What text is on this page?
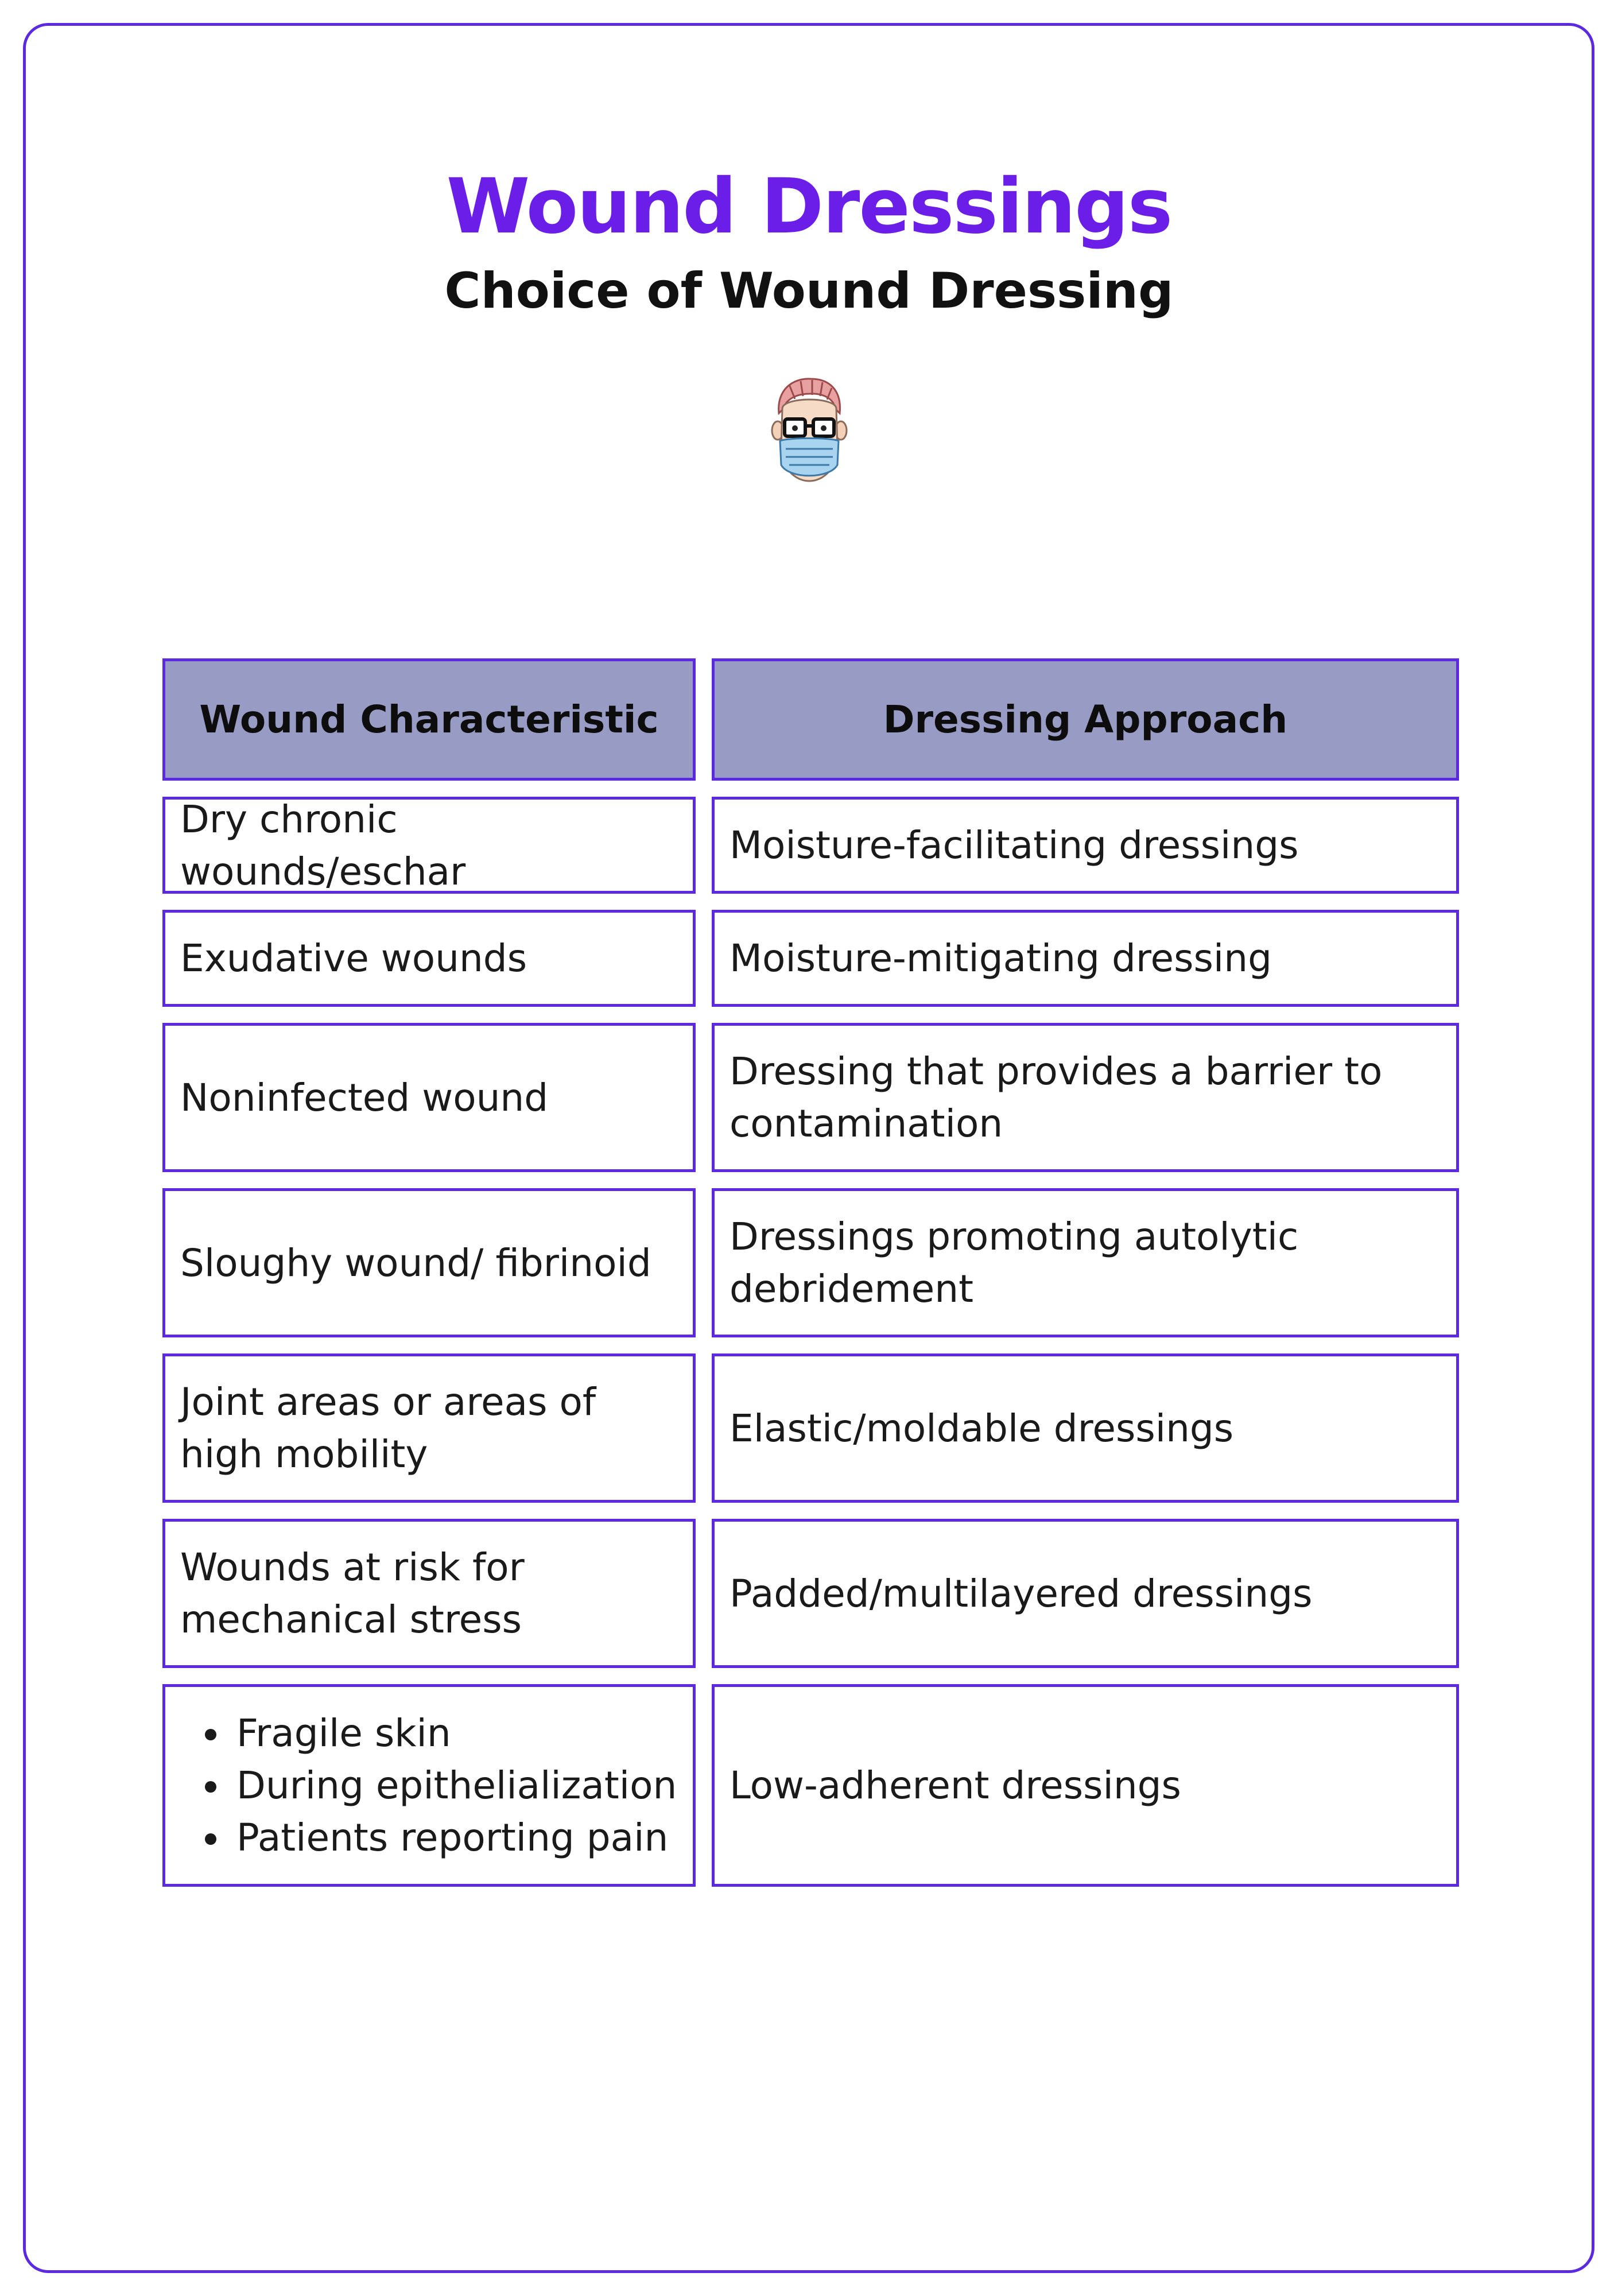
Wound Dressings
Choice of Wound Dressing
Wound Characteristic	Dressing Approach
Dry chronic wounds/eschar
Moisture-facilitating dressings
Exudative wounds	Moisture-mitigating dressing
Noninfected wound
Dressing that provides a barrier to contamination
Sloughy wound/ fibrinoid
Dressings promoting autolytic debridement
Joint areas or areas of high mobility
Elastic/moldable dressings
Wounds at risk for mechanical stress
Padded/multilayered dressings
• Fragile skin
• During epithelialization
• Patients reporting pain
Low-adherent dressings
